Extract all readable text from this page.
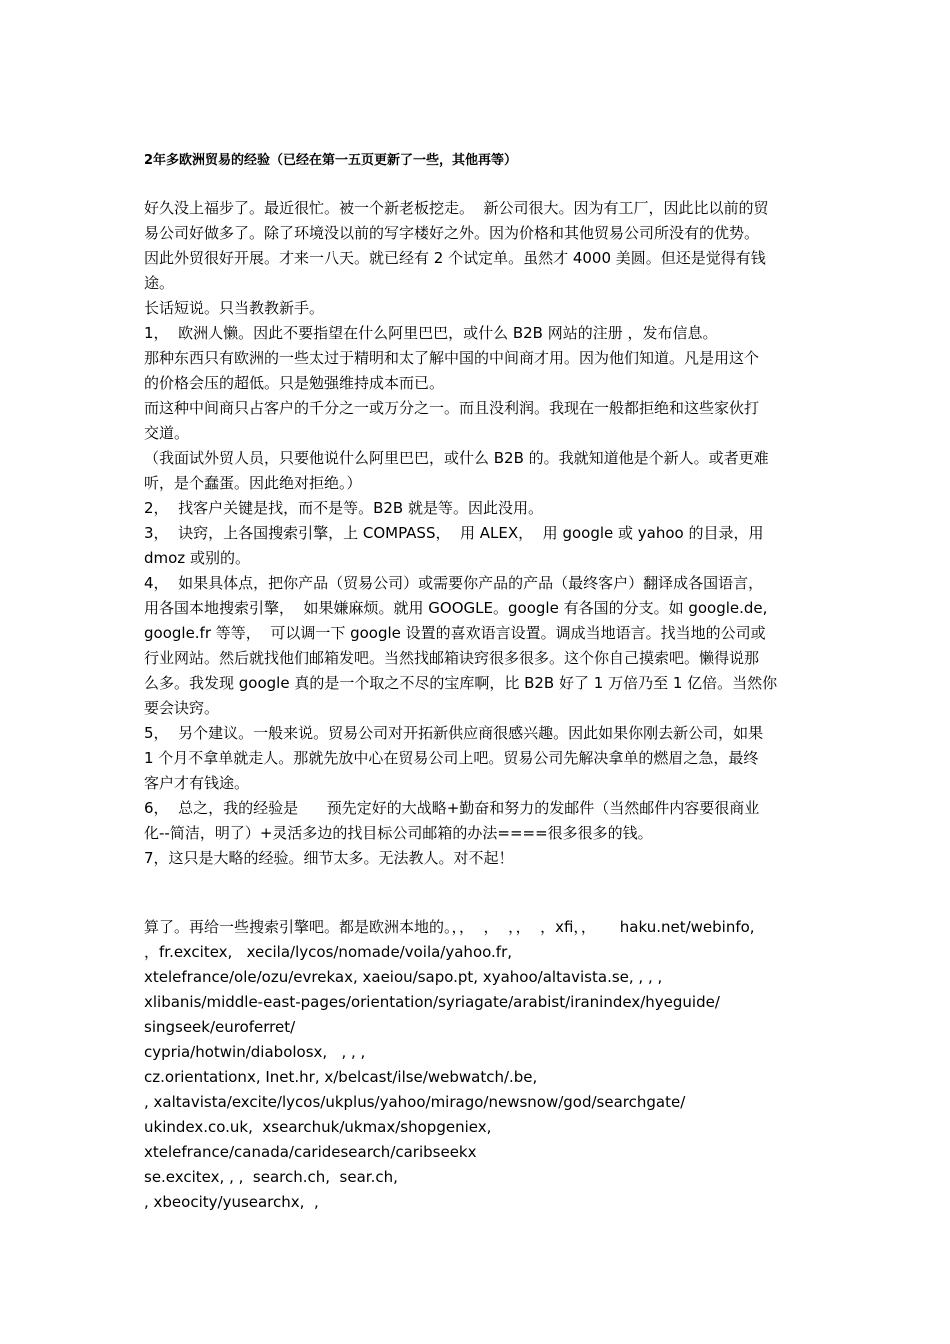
2年多欧洲贸易的经验（已经在第一五页更新了一些，其他再等）
好久没上福步了。最近很忙。被一个新老板挖走。  新公司很大。因为有工厂，因此比以前的贸
易公司好做多了。除了环境没以前的写字楼好之外。因为价格和其他贸易公司所没有的优势。
因此外贸很好开展。才来一八天。就已经有 2 个试定单。虽然才 4000 美圆。但还是觉得有钱
途。
长话短说。只当教教新手。
1，  欧洲人懒。因此不要指望在什么阿里巴巴，或什么 B2B 网站的注册 ，发布信息。
那种东西只有欧洲的一些太过于精明和太了解中国的中间商才用。因为他们知道。凡是用这个
的价格会压的超低。只是勉强维持成本而已。
而这种中间商只占客户的千分之一或万分之一。而且没利润。我现在一般都拒绝和这些家伙打
交道。
（我面试外贸人员，只要他说什么阿里巴巴，或什么 B2B 的。我就知道他是个新人。或者更难
听，是个蠢蛋。因此绝对拒绝。）
2，  找客户关键是找，而不是等。B2B 就是等。因此没用。
3，  诀窍，上各国搜索引擎，上 COMPASS，  用 ALEX，  用 google 或 yahoo 的目录，用
dmoz 或别的。
4，  如果具体点，把你产品（贸易公司）或需要你产品的产品（最终客户）翻译成各国语言，
用各国本地搜索引擎，  如果嫌麻烦。就用 GOOGLE。google 有各国的分支。如 google.de,
google.fr 等等，  可以调一下 google 设置的喜欢语言设置。调成当地语言。找当地的公司或
行业网站。然后就找他们邮箱发吧。当然找邮箱诀窍很多很多。这个你自己摸索吧。懒得说那
么多。我发现 google 真的是一个取之不尽的宝库啊，比 B2B 好了 1 万倍乃至 1 亿倍。当然你
要会诀窍。
5，  另个建议。一般来说。贸易公司对开拓新供应商很感兴趣。因此如果你刚去新公司，如果
1 个月不拿单就走人。那就先放中心在贸易公司上吧。贸易公司先解决拿单的燃眉之急，最终
客户才有钱途。
6，  总之，我的经验是      预先定好的大战略+勤奋和努力的发邮件（当然邮件内容要很商业
化--简洁，明了）+灵活多边的找目标公司邮箱的办法====很多很多的钱。
7，这只是大略的经验。细节太多。无法教人。对不起！
算了。再给一些搜索引擎吧。都是欧洲本地的。，，  ，  ，，  ，xfi，，     haku.net/webinfo,
，fr.excitex,   xecila/lycos/nomade/voila/yahoo.fr,
xtelefrance/ole/ozu/evrekax, xaeiou/sapo.pt, xyahoo/altavista.se, , , ,
xlibanis/middle-east-pages/orientation/syriagate/arabist/iranindex/hyeguide/
singseek/euroferret/
cypria/hotwin/diabolosx,   , , ,
cz.orientationx, Inet.hr, x/belcast/ilse/webwatch/.be,
, xaltavista/excite/lycos/ukplus/yahoo/mirago/newsnow/god/searchgate/
ukindex.co.uk,  xsearchuk/ukmax/shopgeniex,
xtelefrance/canada/caridesearch/caribseekx
se.excitex, , ,  search.ch,  sear.ch,
, xbeocity/yusearchx,  ,
